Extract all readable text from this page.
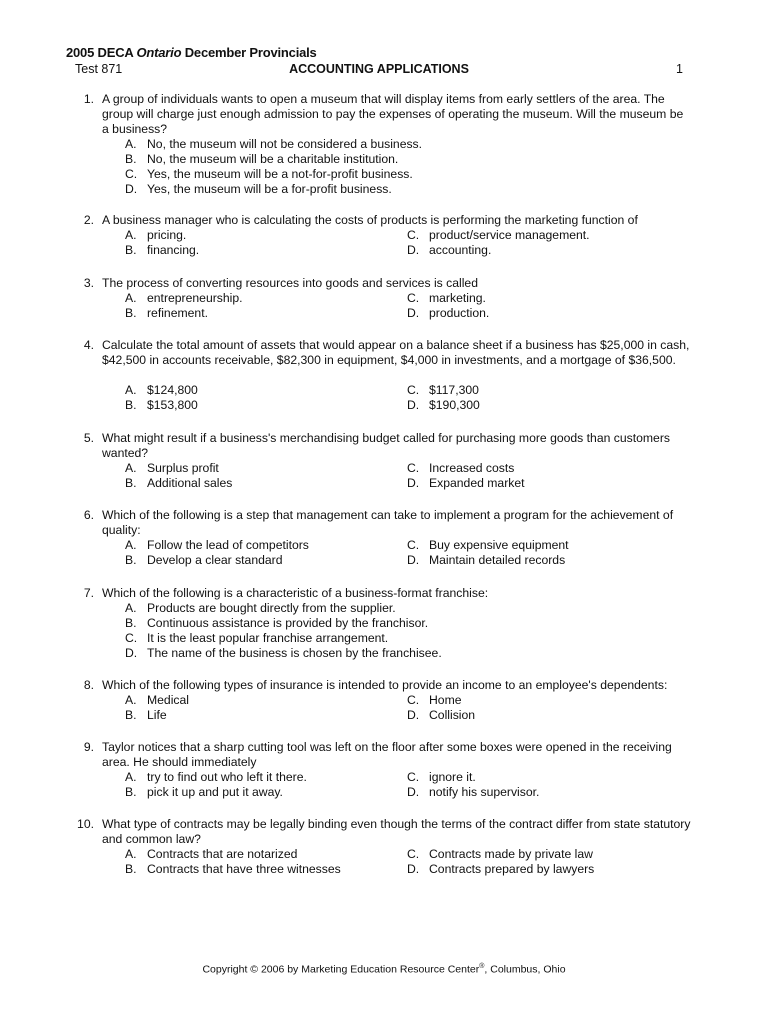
2005 DECA Ontario December Provincials
Test 871	ACCOUNTING APPLICATIONS	1
1. A group of individuals wants to open a museum that will display items from early settlers of the area. The group will charge just enough admission to pay the expenses of operating the museum. Will the museum be a business?
A. No, the museum will not be considered a business.
B. No, the museum will be a charitable institution.
C. Yes, the museum will be a not-for-profit business.
D. Yes, the museum will be a for-profit business.
2. A business manager who is calculating the costs of products is performing the marketing function of
A. pricing.
B. financing.
C. product/service management.
D. accounting.
3. The process of converting resources into goods and services is called
A. entrepreneurship.
B. refinement.
C. marketing.
D. production.
4. Calculate the total amount of assets that would appear on a balance sheet if a business has $25,000 in cash, $42,500 in accounts receivable, $82,300 in equipment, $4,000 in investments, and a mortgage of $36,500.
A. $124,800
B. $153,800
C. $117,300
D. $190,300
5. What might result if a business's merchandising budget called for purchasing more goods than customers wanted?
A. Surplus profit
B. Additional sales
C. Increased costs
D. Expanded market
6. Which of the following is a step that management can take to implement a program for the achievement of quality:
A. Follow the lead of competitors
B. Develop a clear standard
C. Buy expensive equipment
D. Maintain detailed records
7. Which of the following is a characteristic of a business-format franchise:
A. Products are bought directly from the supplier.
B. Continuous assistance is provided by the franchisor.
C. It is the least popular franchise arrangement.
D. The name of the business is chosen by the franchisee.
8. Which of the following types of insurance is intended to provide an income to an employee's dependents:
A. Medical
B. Life
C. Home
D. Collision
9. Taylor notices that a sharp cutting tool was left on the floor after some boxes were opened in the receiving area. He should immediately
A. try to find out who left it there.
B. pick it up and put it away.
C. ignore it.
D. notify his supervisor.
10. What type of contracts may be legally binding even though the terms of the contract differ from state statutory and common law?
A. Contracts that are notarized
B. Contracts that have three witnesses
C. Contracts made by private law
D. Contracts prepared by lawyers
Copyright © 2006 by Marketing Education Resource Center®, Columbus, Ohio
